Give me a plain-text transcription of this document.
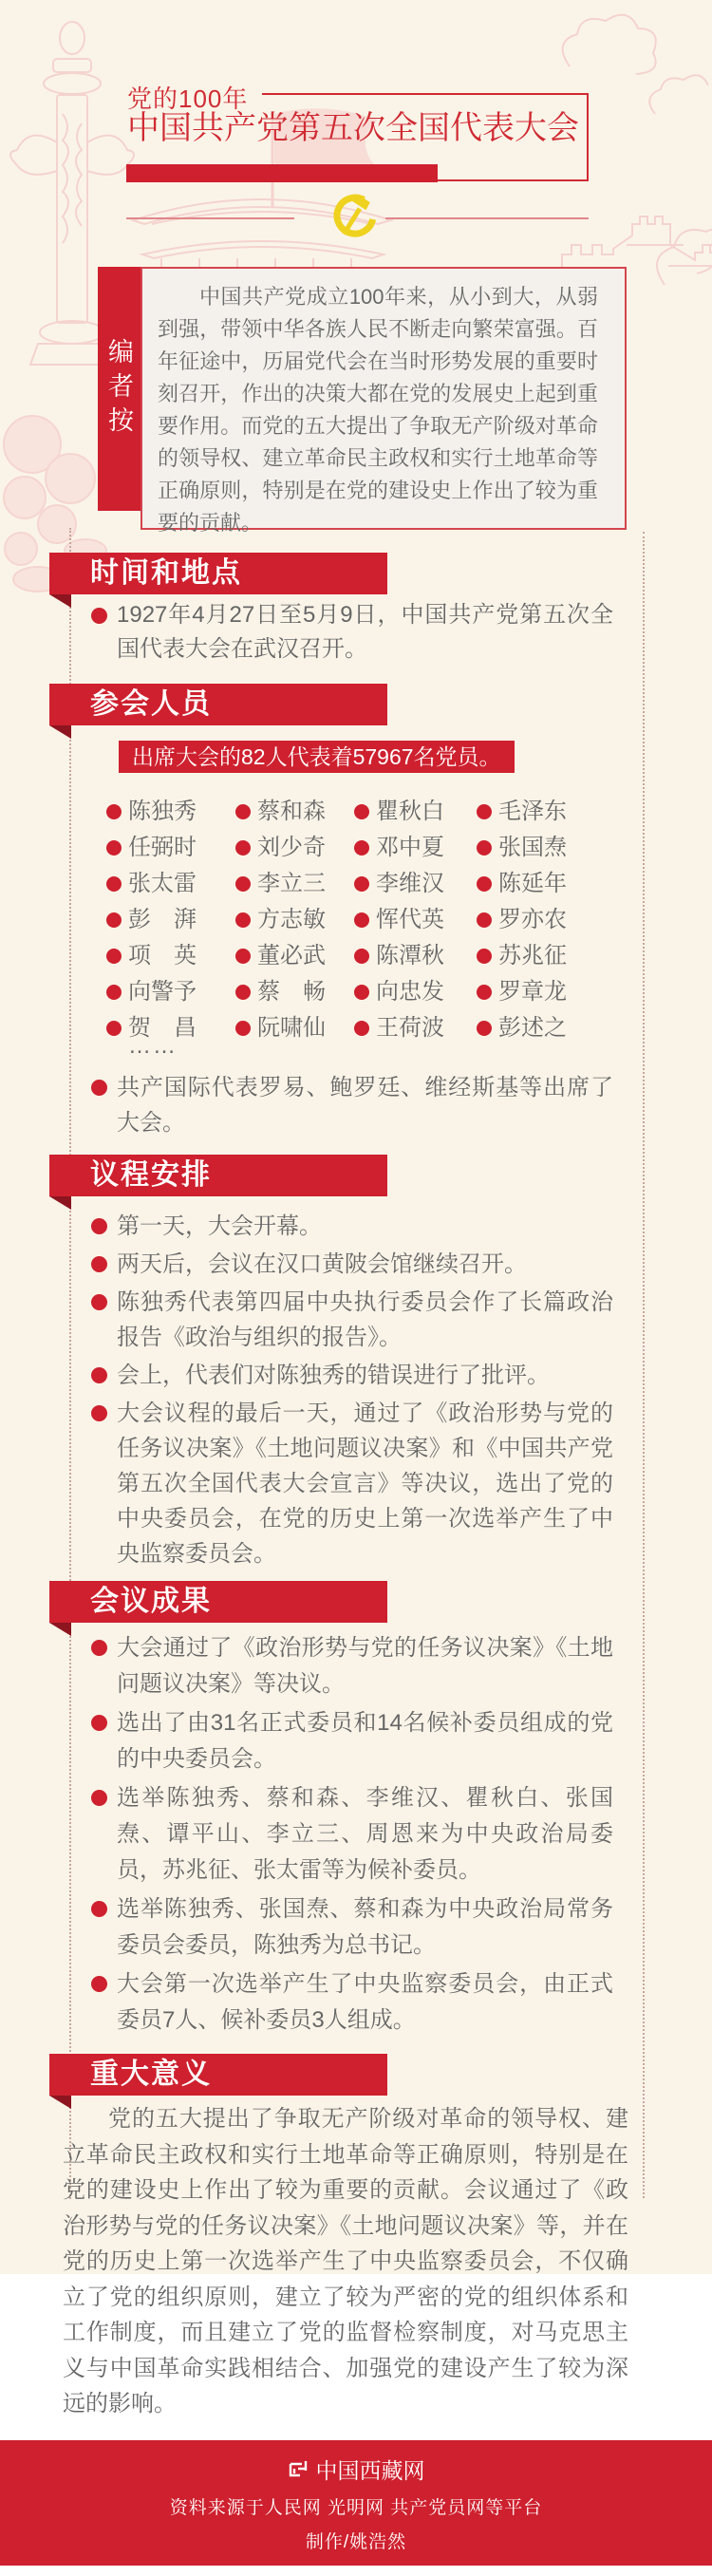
党的100年
中国共产党第五次全国代表大会
编者按

中国共产党成立100年来，从小到大，从弱到强，带领中华各族人民不断走向繁荣富强。百年征途中，历届党代会在当时形势发展的重要时刻召开，作出的决策大都在党的发展史上起到重要作用。而党的五大提出了争取无产阶级对革命的领导权、建立革命民主政权和实行土地革命等正确原则，特别是在党的建设史上作出了较为重要的贡献。

时间和地点
1927年4月27日至5月9日，中国共产党第五次全国代表大会在武汉召开。
参会人员
出席大会的82人代表着57967名党员。
陈独秀	蔡和森	瞿秋白	毛泽东
任弼时	刘少奇	邓中夏	张国焘
张太雷	李立三	李维汉	陈延年
彭　湃	方志敏	恽代英	罗亦农
项　英	董必武	陈潭秋	苏兆征
向警予	蔡　畅	向忠发	罗章龙
贺　昌	阮啸仙	王荷波	彭述之
……
共产国际代表罗易、鲍罗廷、维经斯基等出席了大会。
议程安排
第一天，大会开幕。
两天后，会议在汉口黄陂会馆继续召开。
陈独秀代表第四届中央执行委员会作了长篇政治报告《政治与组织的报告》。
会上，代表们对陈独秀的错误进行了批评。
大会议程的最后一天，通过了《政治形势与党的任务议决案》《土地问题议决案》和《中国共产党第五次全国代表大会宣言》等决议，选出了党的中央委员会，在党的历史上第一次选举产生了中央监察委员会。
会议成果
大会通过了《政治形势与党的任务议决案》《土地问题议决案》等决议。
选出了由31名正式委员和14名候补委员组成的党的中央委员会。
选举陈独秀、蔡和森、李维汉、瞿秋白、张国焘、谭平山、李立三、周恩来为中央政治局委员，苏兆征、张太雷等为候补委员。
选举陈独秀、张国焘、蔡和森为中央政治局常务委员会委员，陈独秀为总书记。
大会第一次选举产生了中央监察委员会，由正式委员7人、候补委员3人组成。
重大意义

党的五大提出了争取无产阶级对革命的领导权、建立革命民主政权和实行土地革命等正确原则，特别是在党的建设史上作出了较为重要的贡献。会议通过了《政治形势与党的任务议决案》《土地问题议决案》等，并在党的历史上第一次选举产生了中央监察委员会，不仅确立了党的组织原则，建立了较为严密的党的组织体系和工作制度，而且建立了党的监督检察制度，对马克思主义与中国革命实践相结合、加强党的建设产生了较为深远的影响。

中国西藏网
资料来源于人民网 光明网 共产党员网等平台
制作/姚浩然
